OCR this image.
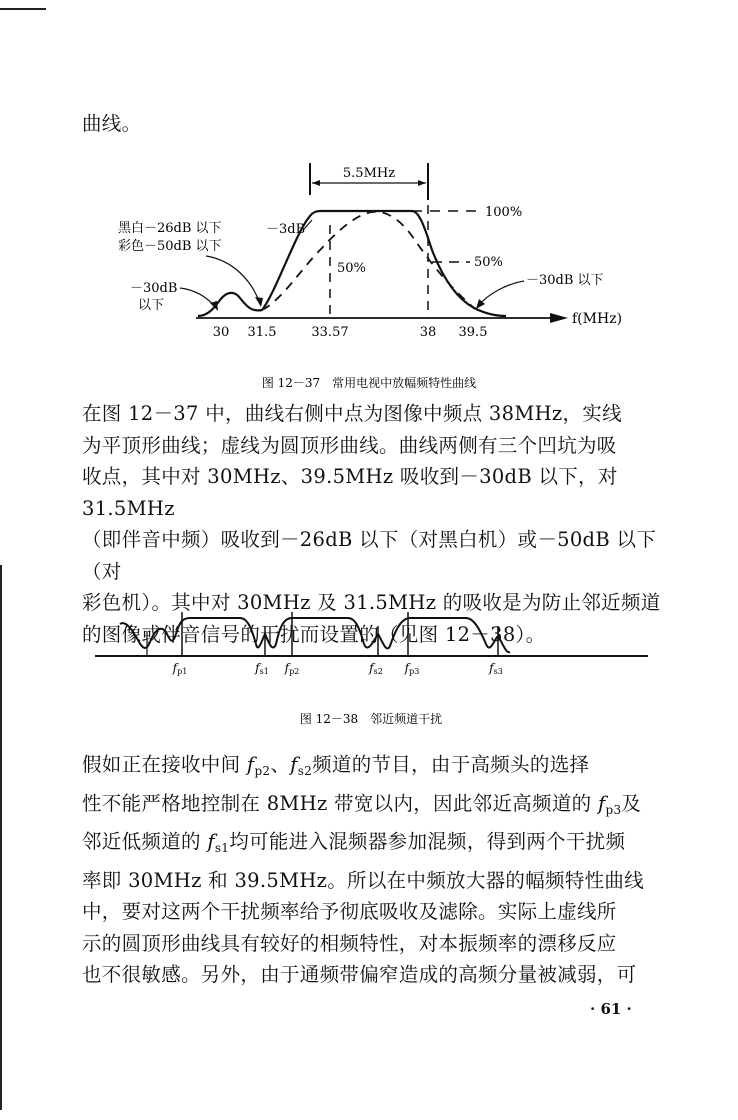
曲线。
5.5MHz
100%
50%
50%
f(MHz)
30 31.5	33.57	38 39.5
－3dB
黑白－26dB 以下
彩色－50dB 以下
－30dB
以下
－30dB 以下
图 12－37　常用电视中放幅频特性曲线
在图 12－37 中，曲线右侧中点为图像中频点 38MHz，实线
为平顶形曲线；虚线为圆顶形曲线。曲线两侧有三个凹坑为吸
收点，其中对 30MHz、39.5MHz 吸收到－30dB 以下，对 31.5MHz
（即伴音中频）吸收到－26dB 以下（对黑白机）或－50dB 以下（对
彩色机）。其中对 30MHz 及 31.5MHz 的吸收是为防止邻近频道
的图像或伴音信号的干扰而设置的（见图 12－38）。
fp1	fs1 fp2	fs2 fp3	fs3
图 12－38　邻近频道干扰
假如正在接收中间 $f_{p2}$、$f_{s2}$频道的节目，由于高频头的选择
性不能严格地控制在 8MHz 带宽以内，因此邻近高频道的 $f_{p3}$及
邻近低频道的 $f_{s1}$均可能进入混频器参加混频，得到两个干扰频
率即 30MHz 和 39.5MHz。所以在中频放大器的幅频特性曲线
中，要对这两个干扰频率给予彻底吸收及滤除。实际上虚线所
示的圆顶形曲线具有较好的相频特性，对本振频率的漂移反应
也不很敏感。另外，由于通频带偏窄造成的高频分量被减弱，可
· 61 ·
